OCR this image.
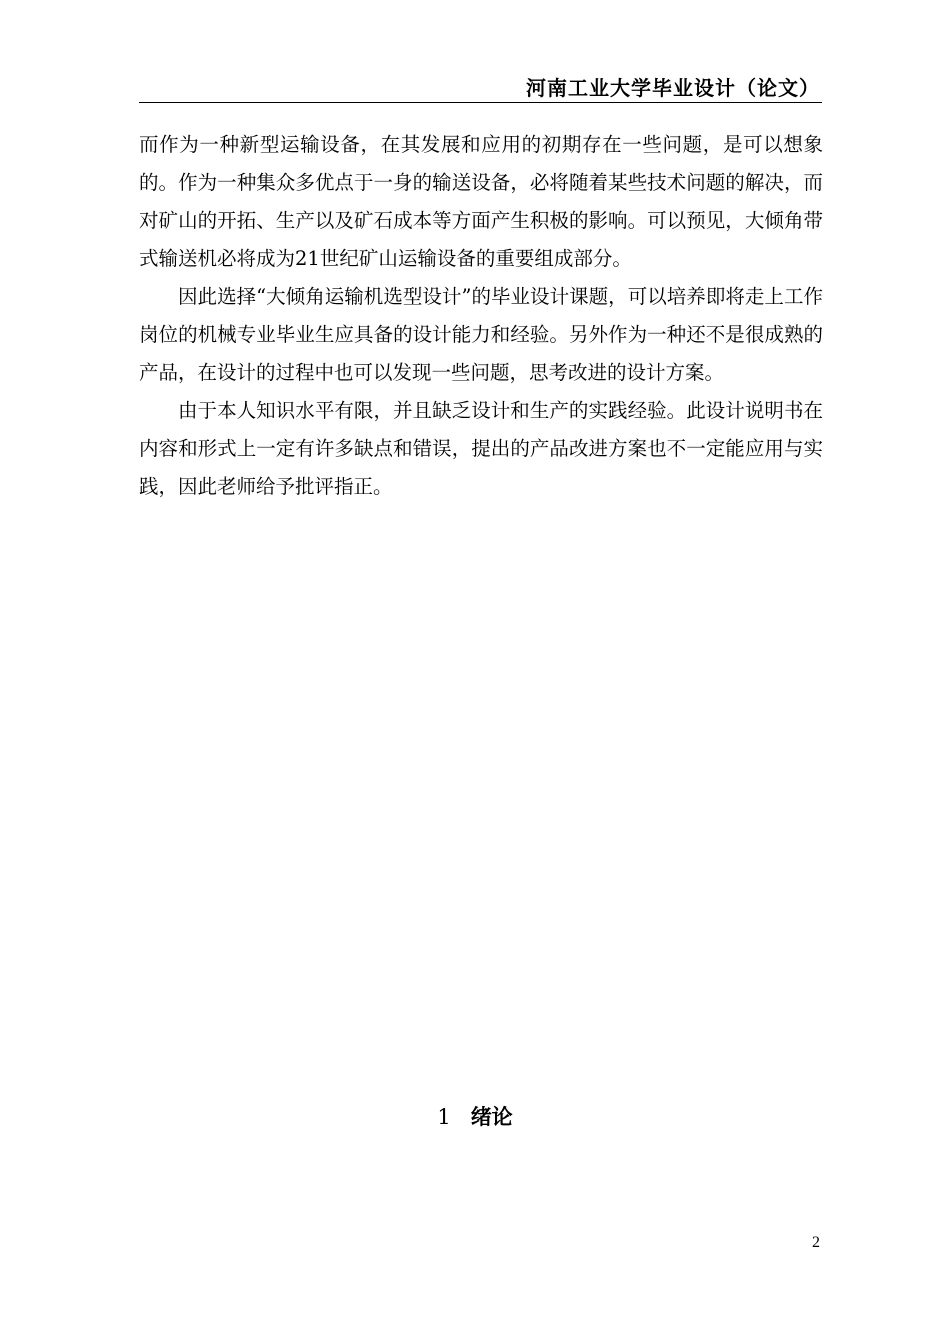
河南工业大学毕业设计（论文）

而作为一种新型运输设备，在其发展和应用的初期存在一些问题，是可以想象的。作为一种集众多优点于一身的输送设备，必将随着某些技术问题的解决，而对矿山的开拓、生产以及矿石成本等方面产生积极的影响。可以预见，大倾角带式输送机必将成为21世纪矿山运输设备的重要组成部分。

因此选择“大倾角运输机选型设计”的毕业设计课题，可以培养即将走上工作岗位的机械专业毕业生应具备的设计能力和经验。另外作为一种还不是很成熟的产品，在设计的过程中也可以发现一些问题，思考改进的设计方案。

由于本人知识水平有限，并且缺乏设计和生产的实践经验。此设计说明书在内容和形式上一定有许多缺点和错误，提出的产品改进方案也不一定能应用与实践，因此老师给予批评指正。

1 绪论
2
